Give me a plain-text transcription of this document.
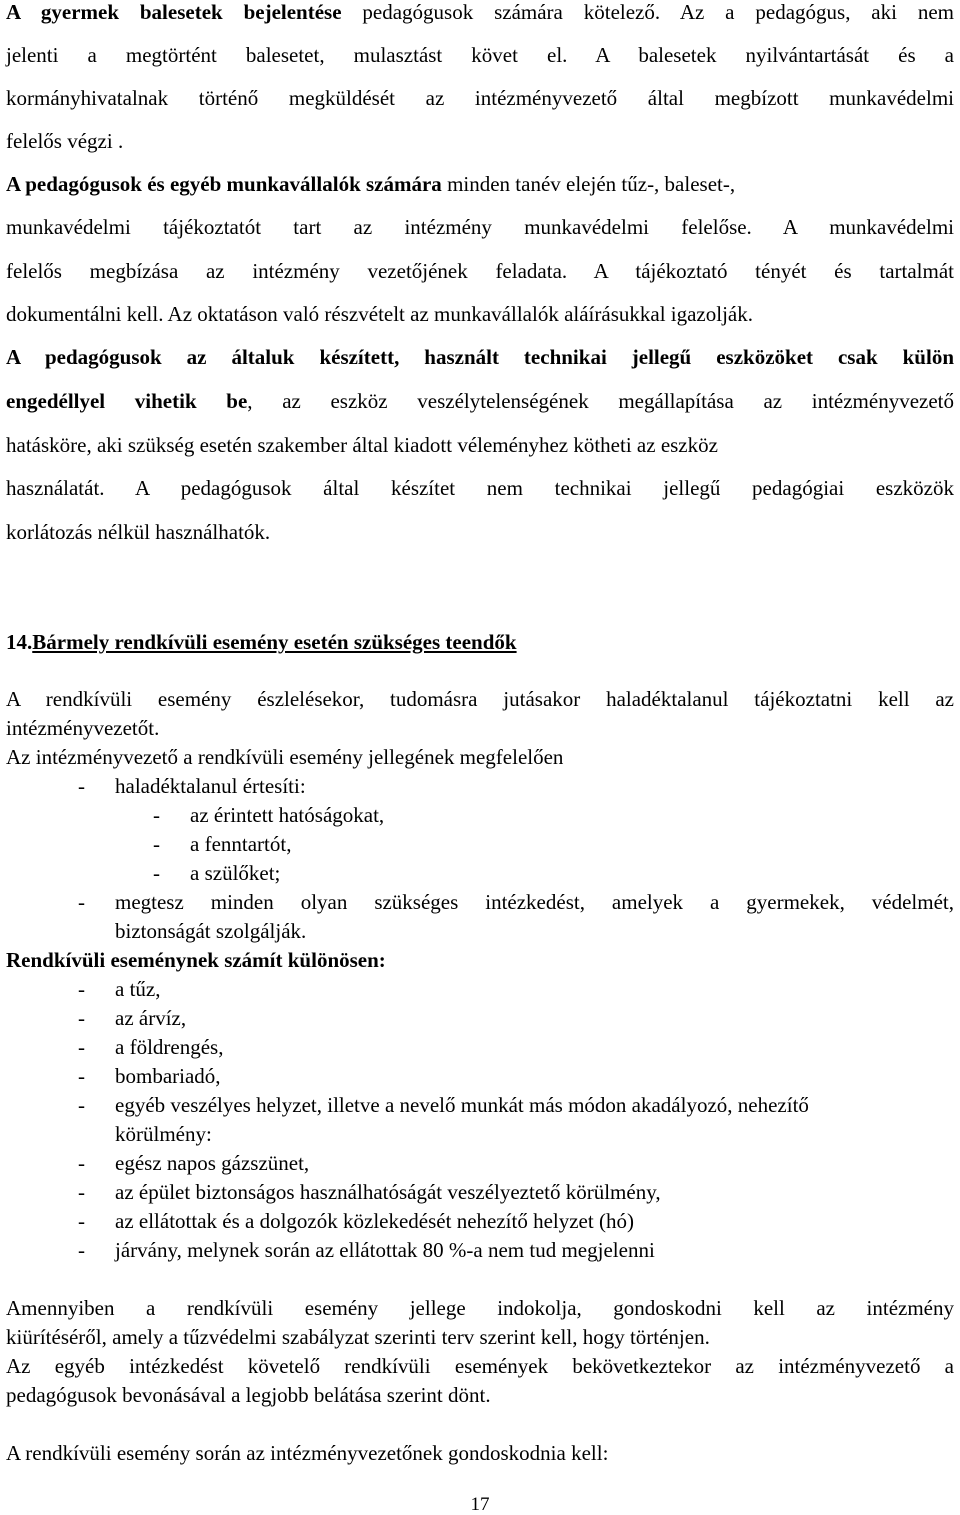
A gyermek balesetek bejelentése pedagógusok számára kötelező. Az a pedagógus, aki nem
jelenti a megtörtént balesetet, mulasztást követ el. A balesetek nyilvántartását és a
kormányhivatalnak történő megküldését az intézményvezető által megbízott munkavédelmi
felelős végzi .
A pedagógusok és egyéb munkavállalók számára minden tanév elején tűz-, baleset-,
munkavédelmi tájékoztatót tart az intézmény munkavédelmi felelőse. A munkavédelmi
felelős megbízása az intézmény vezetőjének feladata. A tájékoztató tényét és tartalmát
dokumentálni kell. Az oktatáson való részvételt az munkavállalók aláírásukkal igazolják.
A pedagógusok az általuk készített, használt technikai jellegű eszközöket csak külön
engedéllyel vihetik be, az eszköz veszélytelenségének megállapítása az intézményvezető
hatásköre, aki szükség esetén szakember által kiadott véleményhez kötheti az eszköz
használatát. A pedagógusok által készítet nem technikai jellegű pedagógiai eszközök
korlátozás nélkül használhatók.
14.Bármely rendkívüli esemény esetén szükséges teendők
A rendkívüli esemény észlelésekor, tudomásra jutásakor haladéktalanul tájékoztatni kell az
intézményvezetőt.
Az intézményvezető a rendkívüli esemény jellegének megfelelően
- haladéktalanul értesíti:
- az érintett hatóságokat,
- a fenntartót,
- a szülőket;
- megtesz minden olyan szükséges intézkedést, amelyek a gyermekek, védelmét,
biztonságát szolgálják.
Rendkívüli eseménynek számít különösen:
- a tűz,
- az árvíz,
- a földrengés,
- bombariadó,
- egyéb veszélyes helyzet, illetve a nevelő munkát más módon akadályozó, nehezítő
körülmény:
- egész napos gázszünet,
- az épület biztonságos használhatóságát veszélyeztető körülmény,
- az ellátottak és a dolgozók közlekedését nehezítő helyzet (hó)
- járvány, melynek során az ellátottak 80 %-a nem tud megjelenni
Amennyiben a rendkívüli esemény jellege indokolja, gondoskodni kell az intézmény
kiürítéséről, amely a tűzvédelmi szabályzat szerinti terv szerint kell, hogy történjen.
Az egyéb intézkedést követelő rendkívüli események bekövetkeztekor az intézményvezető a
pedagógusok bevonásával a legjobb belátása szerint dönt.
A rendkívüli esemény során az intézményvezetőnek gondoskodnia kell:
17
